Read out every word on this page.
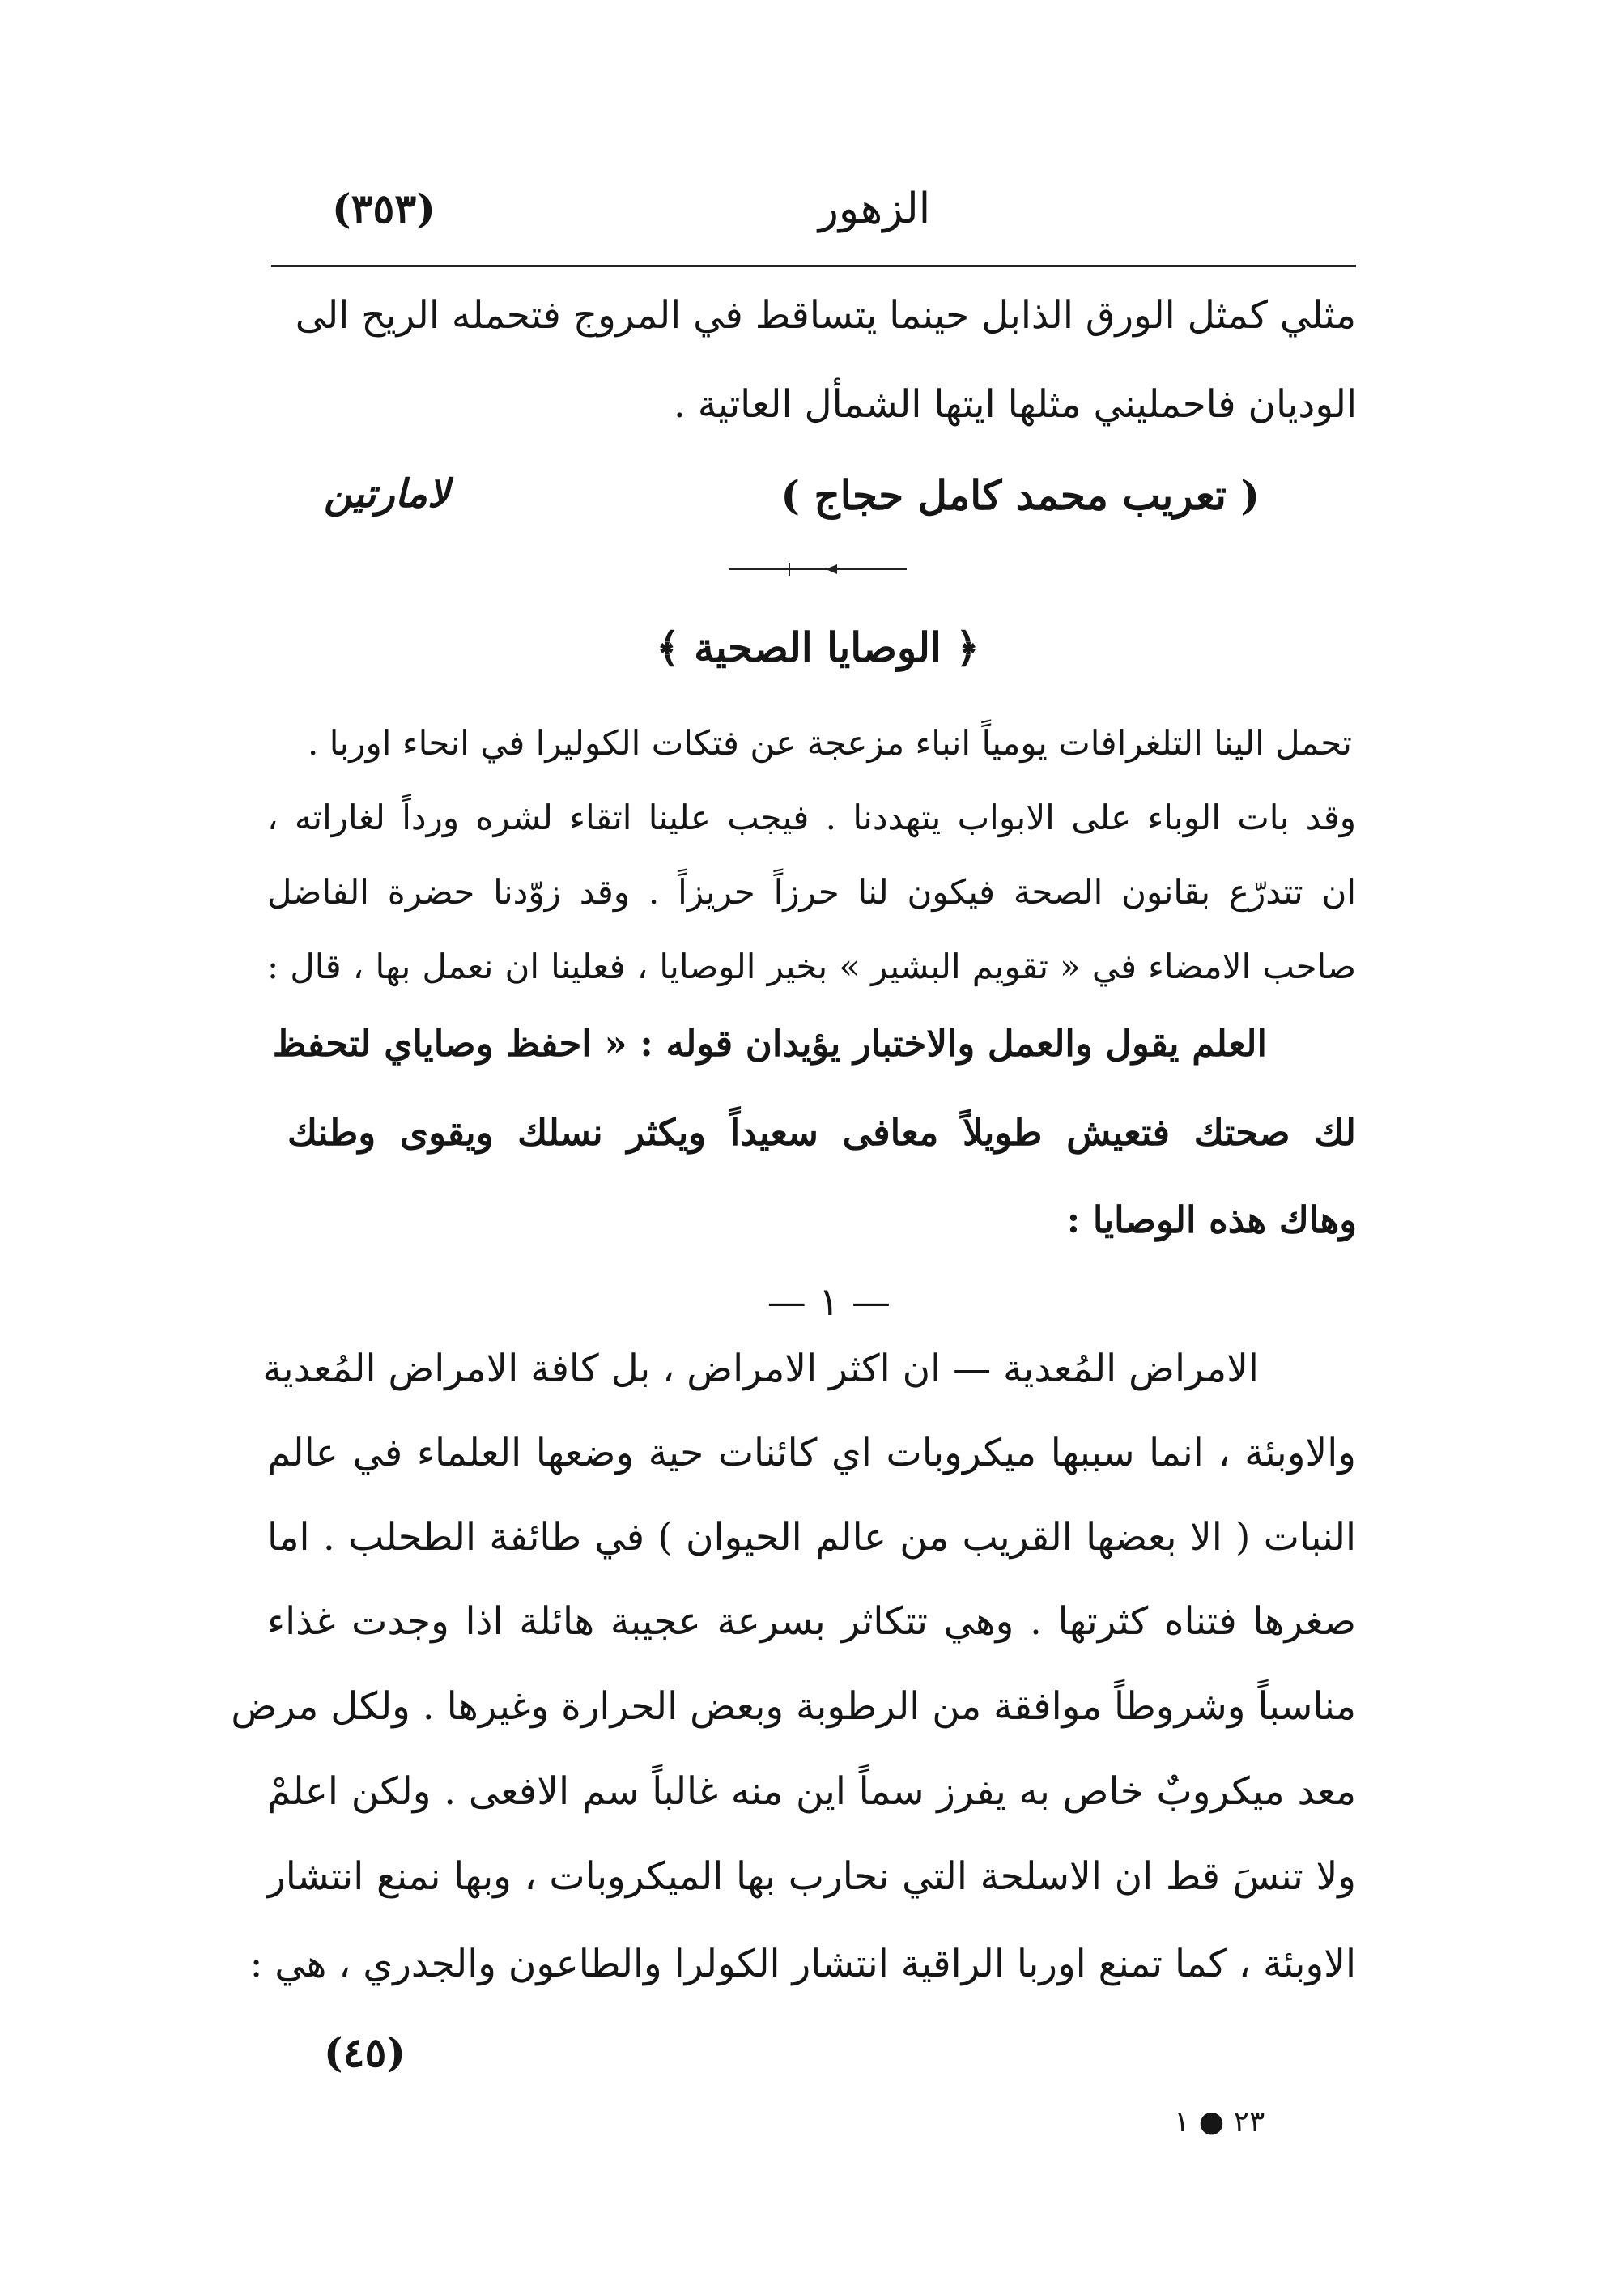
(٣٥٣)	الزهور
مثلي كمثل الورق الذابل حينما يتساقط في المروج فتحمله الريح الى
الوديان فاحمليني مثلها ايتها الشمأل العاتية .
( تعريب محمد كامل حجاج )
لامارتين
﴿ الوصايا الصحية ﴾
تحمل الينا التلغرافات يومياً انباء مزعجة عن فتكات الكوليرا في انحاء اوربا .
وقد بات الوباء على الابواب يتهددنا . فيجب علينا اتقاء لشره ورداً لغاراته ،
ان تتدرّع بقانون الصحة فيكون لنا حرزاً حريزاً . وقد زوّدنا حضرة الفاضل
صاحب الامضاء في « تقويم البشير » بخير الوصايا ، فعلينا ان نعمل بها ، قال :
العلم يقول والعمل والاختبار يؤيدان قوله : « احفظ وصاياي لتحفظ
لك صحتك فتعيش طويلاً معافى سعيداً ويكثر نسلك ويقوى وطنك
وهاك هذه الوصايا :
— ١ —
الامراض المُعدية — ان اكثر الامراض ، بل كافة الامراض المُعدية
والاوبئة ، انما سببها ميكروبات اي كائنات حية وضعها العلماء في عالم
النبات ( الا بعضها القريب من عالم الحيوان ) في طائفة الطحلب . اما
صغرها فتناه كثرتها . وهي تتكاثر بسرعة عجيبة هائلة اذا وجدت غذاء
مناسباً وشروطاً موافقة من الرطوبة وبعض الحرارة وغيرها . ولكل مرض
معد ميكروبٌ خاص به يفرز سماً اين منه غالباً سم الافعى . ولكن اعلمْ
ولا تنسَ قط ان الاسلحة التي نحارب بها الميكروبات ، وبها نمنع انتشار
الاوبئة ، كما تمنع اوربا الراقية انتشار الكولرا والطاعون والجدري ، هي :
(٤٥)
٢٣ ● ١
